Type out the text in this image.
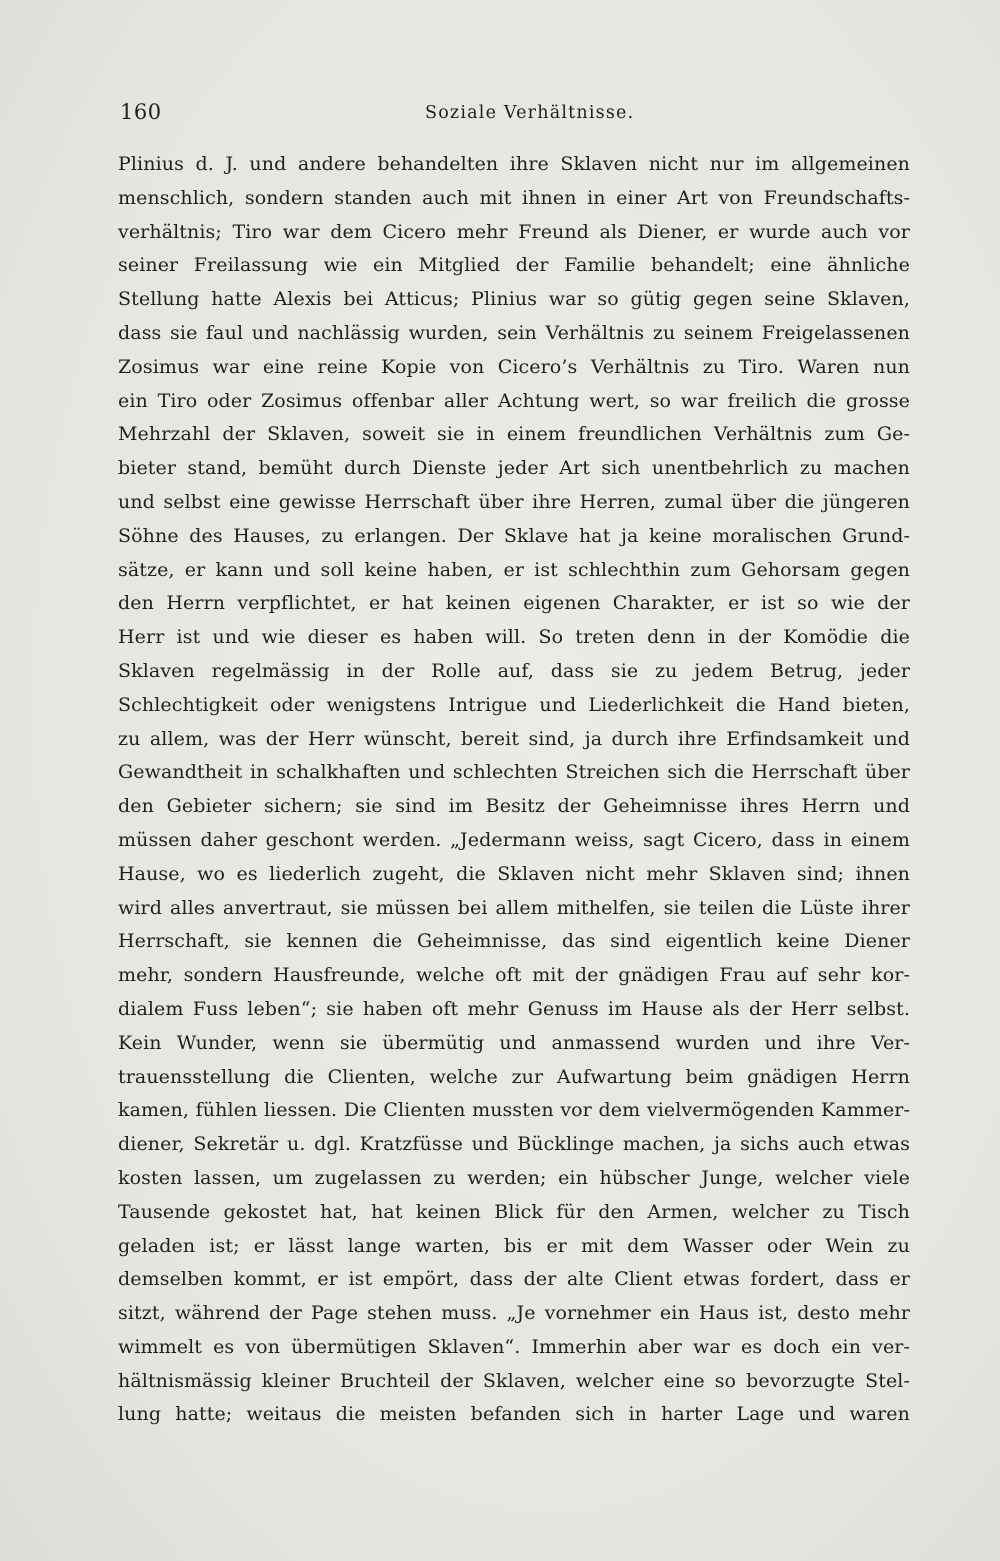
160	Soziale Verhältnisse.
Plinius d. J. und andere behandelten ihre Sklaven nicht nur im allgemeinen
menschlich, sondern standen auch mit ihnen in einer Art von Freundschafts-
verhältnis; Tiro war dem Cicero mehr Freund als Diener, er wurde auch vor
seiner Freilassung wie ein Mitglied der Familie behandelt; eine ähnliche
Stellung hatte Alexis bei Atticus; Plinius war so gütig gegen seine Sklaven,
dass sie faul und nachlässig wurden, sein Verhältnis zu seinem Freigelassenen
Zosimus war eine reine Kopie von Cicero’s Verhältnis zu Tiro. Waren nun
ein Tiro oder Zosimus offenbar aller Achtung wert, so war freilich die grosse
Mehrzahl der Sklaven, soweit sie in einem freundlichen Verhältnis zum Ge-
bieter stand, bemüht durch Dienste jeder Art sich unentbehrlich zu machen
und selbst eine gewisse Herrschaft über ihre Herren, zumal über die jüngeren
Söhne des Hauses, zu erlangen. Der Sklave hat ja keine moralischen Grund-
sätze, er kann und soll keine haben, er ist schlechthin zum Gehorsam gegen
den Herrn verpflichtet, er hat keinen eigenen Charakter, er ist so wie der
Herr ist und wie dieser es haben will. So treten denn in der Komödie die
Sklaven regelmässig in der Rolle auf, dass sie zu jedem Betrug, jeder
Schlechtigkeit oder wenigstens Intrigue und Liederlichkeit die Hand bieten,
zu allem, was der Herr wünscht, bereit sind, ja durch ihre Erfindsamkeit und
Gewandtheit in schalkhaften und schlechten Streichen sich die Herrschaft über
den Gebieter sichern; sie sind im Besitz der Geheimnisse ihres Herrn und
müssen daher geschont werden. „Jedermann weiss, sagt Cicero, dass in einem
Hause, wo es liederlich zugeht, die Sklaven nicht mehr Sklaven sind; ihnen
wird alles anvertraut, sie müssen bei allem mithelfen, sie teilen die Lüste ihrer
Herrschaft, sie kennen die Geheimnisse, das sind eigentlich keine Diener
mehr, sondern Hausfreunde, welche oft mit der gnädigen Frau auf sehr kor-
dialem Fuss leben“; sie haben oft mehr Genuss im Hause als der Herr selbst.
Kein Wunder, wenn sie übermütig und anmassend wurden und ihre Ver-
trauensstellung die Clienten, welche zur Aufwartung beim gnädigen Herrn
kamen, fühlen liessen. Die Clienten mussten vor dem vielvermögenden Kammer-
diener, Sekretär u. dgl. Kratzfüsse und Bücklinge machen, ja sichs auch etwas
kosten lassen, um zugelassen zu werden; ein hübscher Junge, welcher viele
Tausende gekostet hat, hat keinen Blick für den Armen, welcher zu Tisch
geladen ist; er lässt lange warten, bis er mit dem Wasser oder Wein zu
demselben kommt, er ist empört, dass der alte Client etwas fordert, dass er
sitzt, während der Page stehen muss. „Je vornehmer ein Haus ist, desto mehr
wimmelt es von übermütigen Sklaven“. Immerhin aber war es doch ein ver-
hältnismässig kleiner Bruchteil der Sklaven, welcher eine so bevorzugte Stel-
lung hatte; weitaus die meisten befanden sich in harter Lage und waren
